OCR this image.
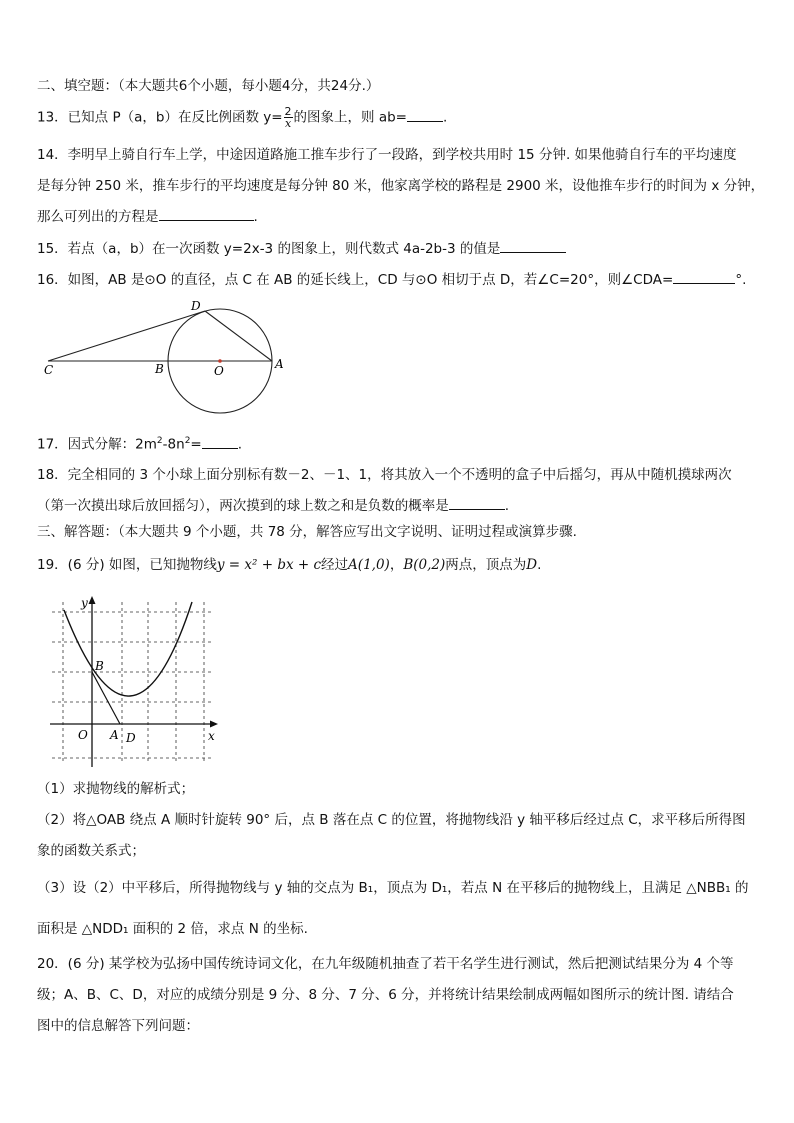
二、填空题：（本大题共6个小题，每小题4分，共24分.）
13．已知点 P（a，b）在反比例函数 $y= \frac{2}{x}$ 的图象上，则 ab=	.
14．李明早上骑自行车上学，中途因道路施工推车步行了一段路，到学校共用时 15 分钟. 如果他骑自行车的平均速度
是每分钟 250 米，推车步行的平均速度是每分钟 80 米，他家离学校的路程是 2900 米，设他推车步行的时间为 x 分钟，
那么可列出的方程是	.
15．若点（a，b）在一次函数 y=2x-3 的图象上，则代数式 4a-2b-3 的值是
16．如图，AB 是⊙O 的直径，点 C 在 AB 的延长线上，CD 与⊙O 相切于点 D，若∠C=20°，则∠CDA=	°.
C	B	O	A
D
17．因式分解：$2m^2-8n^2=$	.
18．完全相同的 3 个小球上面分别标有数－2、－1、1，将其放入一个不透明的盒子中后摇匀，再从中随机摸球两次
（第一次摸出球后放回摇匀），两次摸到的球上数之和是负数的概率是	.
三、解答题：（本大题共 9 个小题，共 78 分，解答应写出文字说明、证明过程或演算步骤.
19．(6 分) 如图，已知抛物线y = x² + bx + c经过A(1,0)，B(0,2)两点，顶点为D.
y
x
O A D
B
（1）求抛物线的解析式；
（2）将△OAB 绕点 A 顺时针旋转 90° 后，点 B 落在点 C 的位置，将抛物线沿 y 轴平移后经过点 C，求平移后所得图
象的函数关系式；
（3）设（2）中平移后，所得抛物线与 y 轴的交点为 B₁，顶点为 D₁，若点 N 在平移后的抛物线上，且满足 △NBB₁ 的
面积是 △NDD₁ 面积的 2 倍，求点 N 的坐标.
20．(6 分) 某学校为弘扬中国传统诗词文化，在九年级随机抽查了若干名学生进行测试，然后把测试结果分为 4 个等
级；A、B、C、D，对应的成绩分别是 9 分、8 分、7 分、6 分，并将统计结果绘制成两幅如图所示的统计图. 请结合
图中的信息解答下列问题：
